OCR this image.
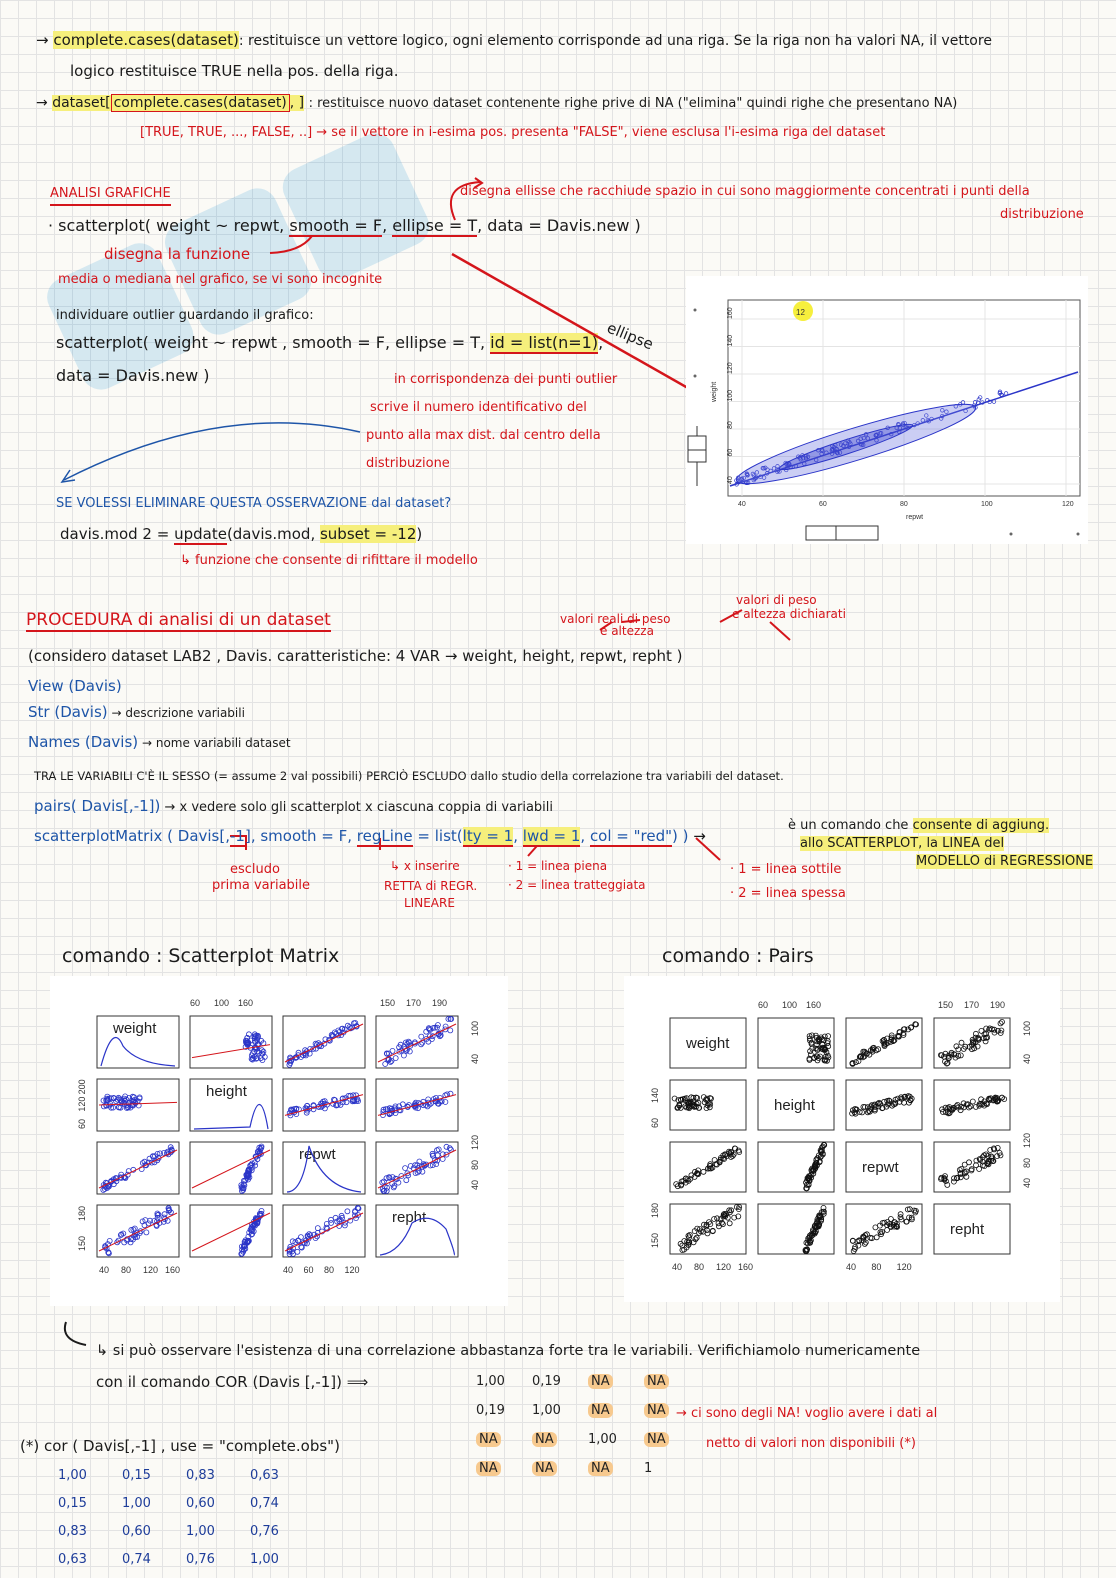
→ complete.cases(dataset): restituisce un vettore logico, ogni elemento corrisponde ad una riga. Se la riga non ha valori NA, il vettore
logico restituisce TRUE nella pos. della riga.
→ dataset[ complete.cases(dataset) , ] : restituisce nuovo dataset contenente righe prive di NA ("elimina" quindi righe che presentano NA)
[TRUE, TRUE, ..., FALSE, ..] → se il vettore in i-esima pos. presenta "FALSE", viene esclusa l'i-esima riga del dataset
ANALISI GRAFICHE	disegna ellisse che racchiude spazio in cui sono maggiormente concentrati i punti della
distribuzione
· scatterplot( weight ~ repwt, smooth = F, ellipse = T, data = Davis.new )
disegna la funzione
media o mediana nel grafico, se vi sono incognite
individuare outlier guardando il grafico:
scatterplot( weight ~ repwt , smooth = F, ellipse = T, id = list(n=1),
data = Davis.new )
ellipse
in corrispondenza dei punti outlier
scrive il numero identificativo del
punto alla max dist. dal centro della
distribuzione
SE VOLESSI ELIMINARE QUESTA OSSERVAZIONE dal dataset?
davis.mod 2 = update(davis.mod, subset = -12)
↳ funzione che consente di rifittare il modello
12
repwt
weight
40	60	80	100	120
40
60
80
100
120
140
160
PROCEDURA di analisi di un dataset	valori reali di peso
e altezza
valori di peso
e altezza dichiarati
(considero dataset LAB2 , Davis. caratteristiche: 4 VAR → weight, height, repwt, repht )
View (Davis)
Str (Davis) → descrizione variabili
Names (Davis) → nome variabili dataset
TRA LE VARIABILI C'È IL SESSO (= assume 2 val possibili) PERCIÒ ESCLUDO dallo studio della correlazione tra variabili del dataset.
pairs( Davis[,-1]) → x vedere solo gli scatterplot x ciascuna coppia di variabili
scatterplotMatrix ( Davis[,-1], smooth = F, regLine = list(lty = 1, lwd = 1, col = "red") ) →
escludo
prima variabile
↳ x inserire
RETTA di REGR.
LINEARE
· 1 = linea piena
· 2 = linea tratteggiata
· 1 = linea sottile
· 2 = linea spessa
è un comando che consente di aggiung.
allo SCATTERPLOT, la LINEA del
MODELLO di REGRESSIONE
comando : Scatterplot Matrix	comando : Pairs
weight
height
repwt
repht
60 100 160	150 170 190
40 80 120 160	40 60 80 120
60
120
200
150
180
40
100
40
80
120
weight
height
repwt
repht
60 100 160	150 170 190
40 80 120 160	40 80 120
60
140
150
180
40
100
40
80
120
↳ si può osservare l'esistenza di una correlazione abbastanza forte tra le variabili. Verifichiamolo numericamente
con il comando COR (Davis [,-1]) ⟹
→ ci sono degli NA! voglio avere i dati al
netto di valori non disponibili (*)
(*) cor ( Davis[,-1] , use = "complete.obs")
1,00 0,19 NA	NA
0,19 1,00 NA	NA
NA	NA	1,00 NA
NA	NA	NA	1
1,00	0,15	0,83	0,63
0,15	1,00	0,60	0,74
0,83	0,60	1,00	0,76
0,63	0,74	0,76	1,00
